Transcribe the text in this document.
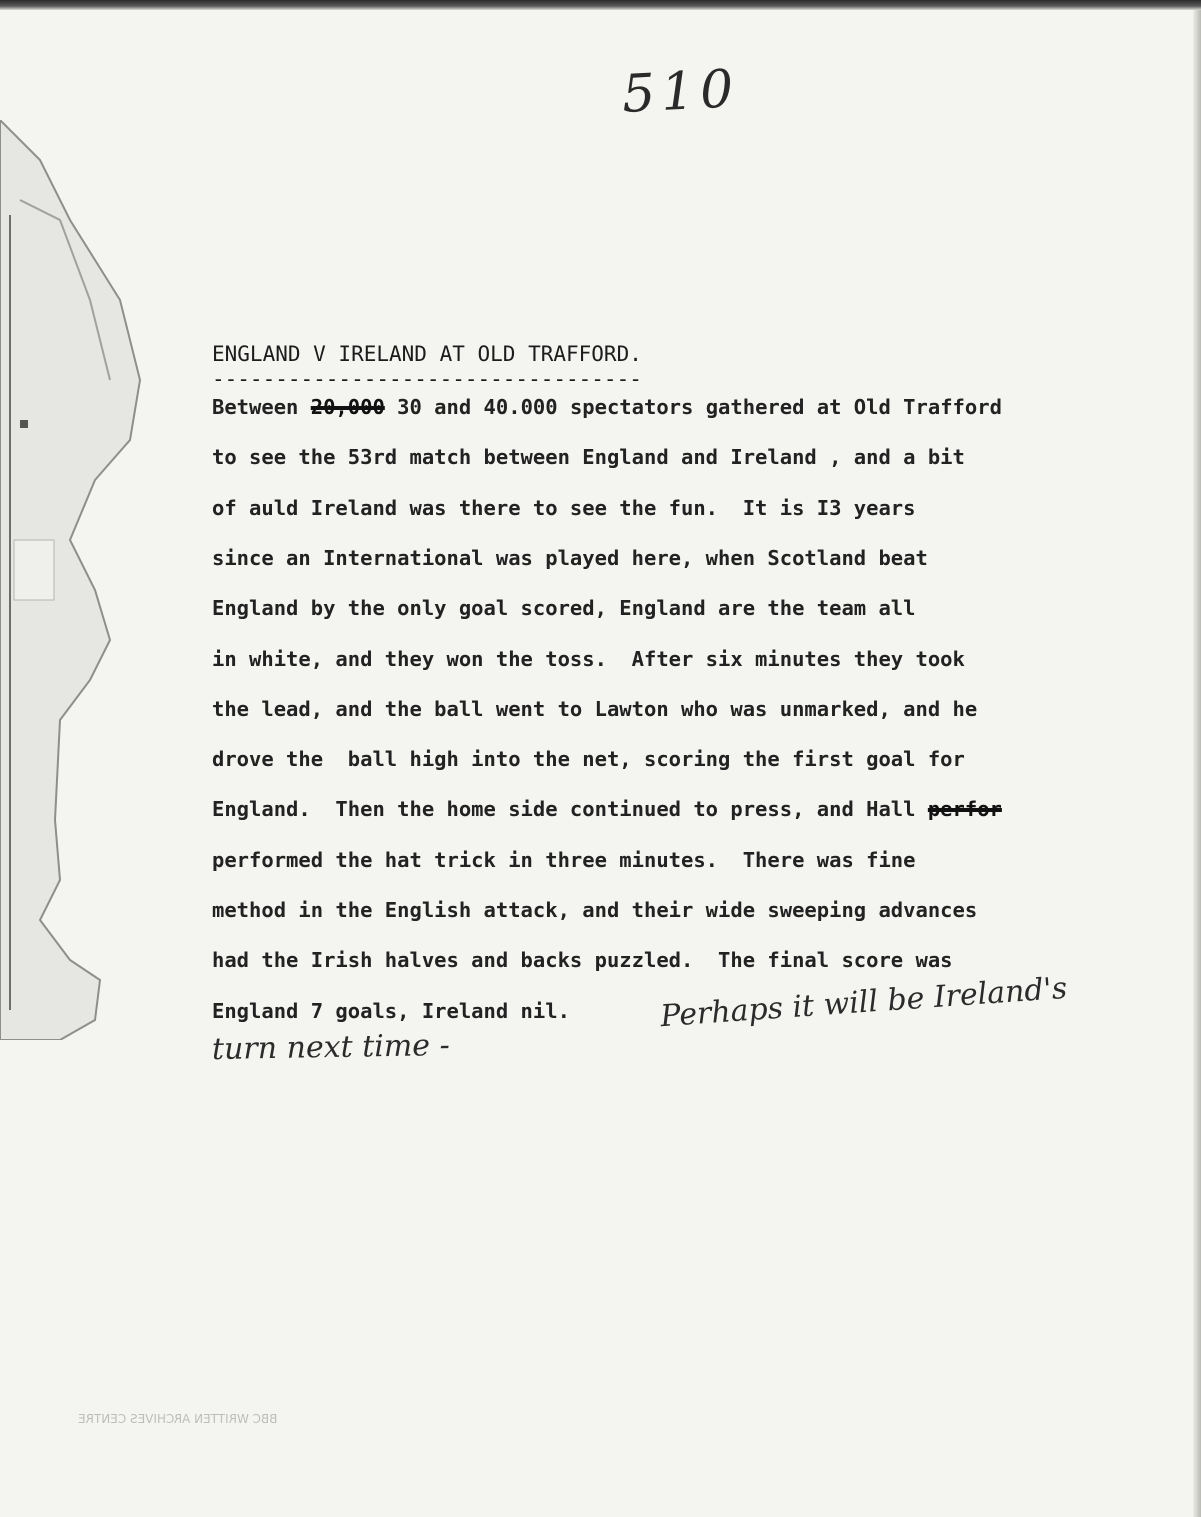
510
ENGLAND V IRELAND AT OLD TRAFFORD.
----------------------------------
Between 20,000 30 and 40.000 spectators gathered at Old Trafford
to see the 53rd match between England and Ireland , and a bit
of auld Ireland was there to see the fun.  It is I3 years
since an International was played here, when Scotland beat
England by the only goal scored, England are the team all
in white, and they won the toss.  After six minutes they took
the lead, and the ball went to Lawton who was unmarked, and he
drove the  ball high into the net, scoring the first goal for
England.  Then the home side continued to press, and Hall perfor
performed the hat trick in three minutes.  There was fine
method in the English attack, and their wide sweeping advances
had the Irish halves and backs puzzled.  The final score was
England 7 goals, Ireland nil.	Perhaps it will be Ireland's
turn next time -
BBC WRITTEN ARCHIVES CENTRE
